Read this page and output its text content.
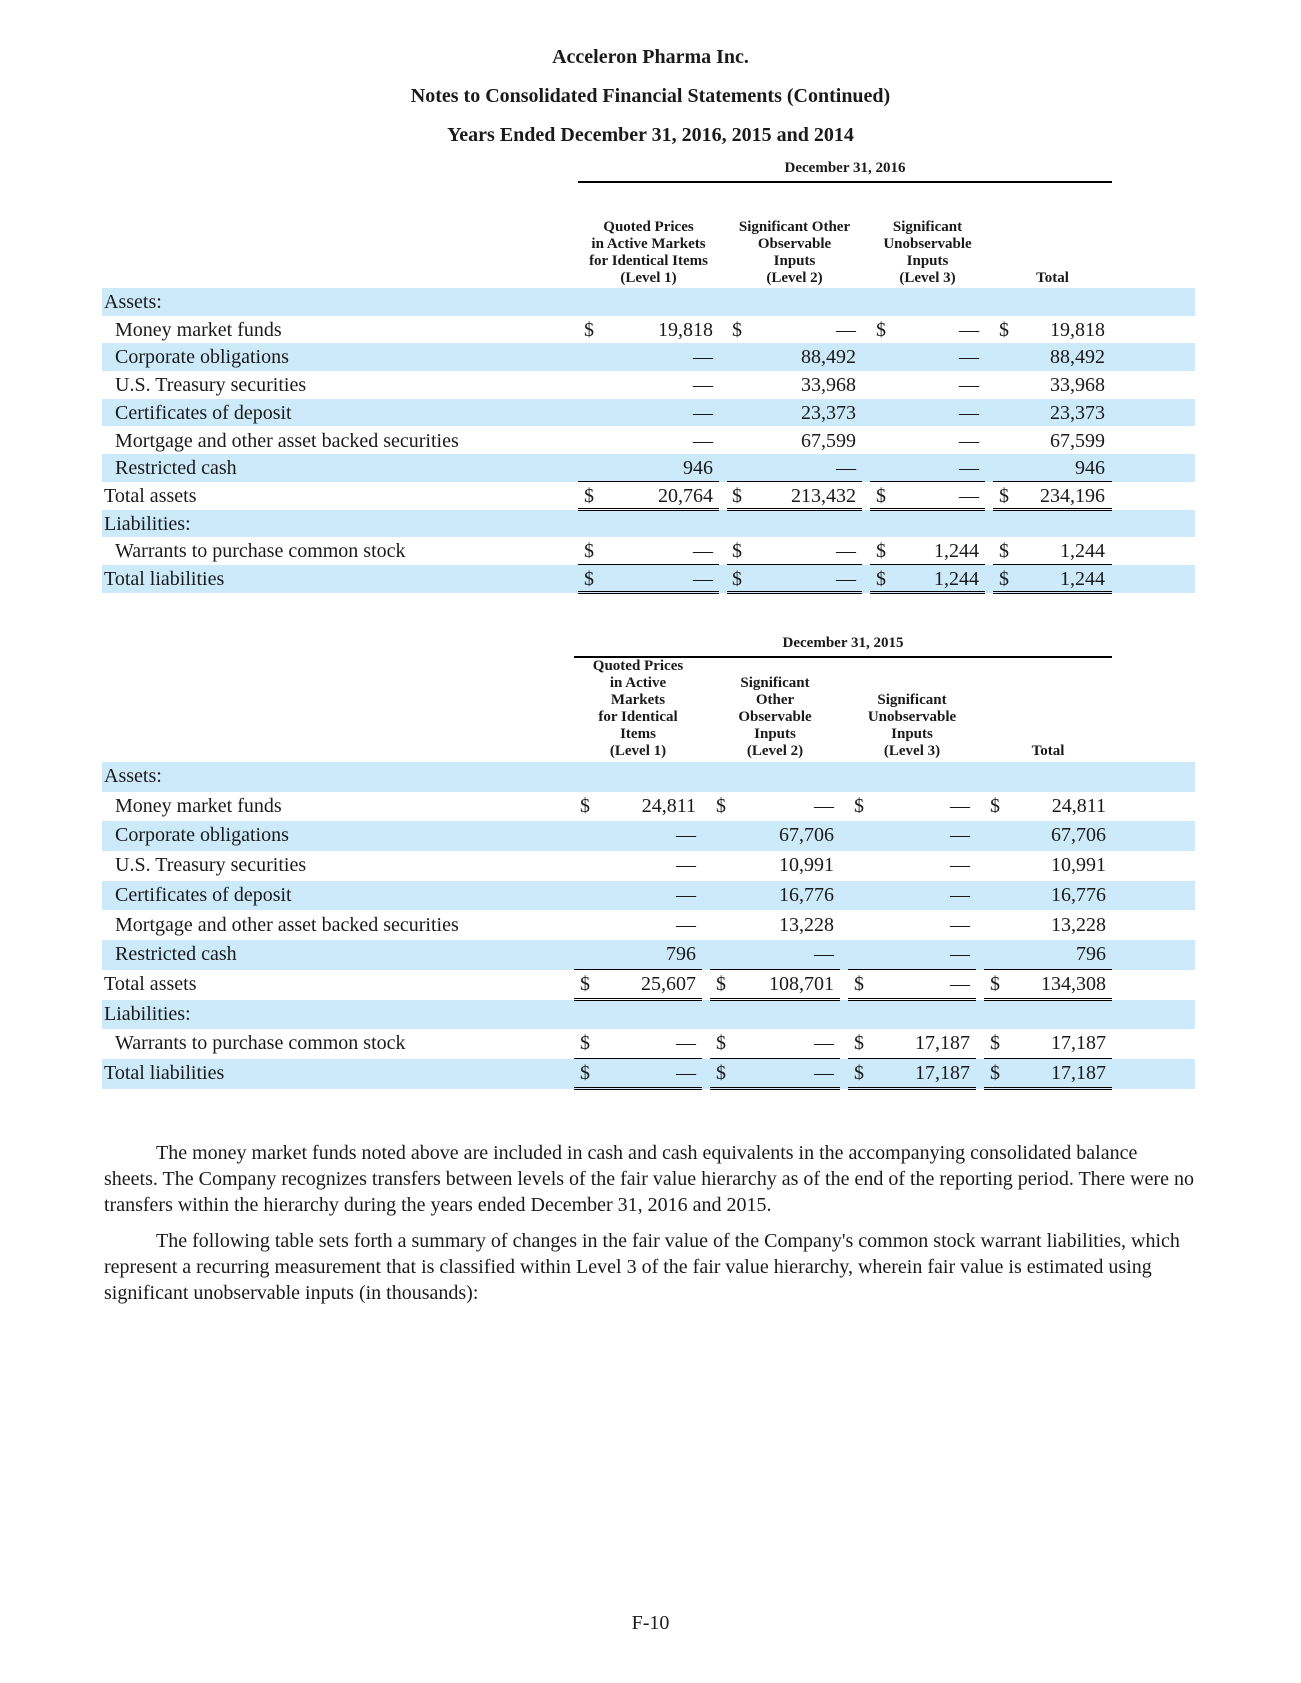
Acceleron Pharma Inc.
Notes to Consolidated Financial Statements (Continued)
Years Ended December 31, 2016, 2015 and 2014
December 31, 2016
Quoted Prices
in Active Markets
for Identical Items
(Level 1)
Significant Other
Observable
Inputs
(Level 2)
Significant
Unobservable
Inputs
(Level 3)	Total
Assets:
Money market funds	$	19,818 $	— $	— $ 19,818
Corporate obligations	—	88,492	—	88,492
U.S. Treasury securities	—	33,968	—	33,968
Certificates of deposit	—	23,373	—	23,373
Mortgage and other asset backed securities	—	67,599	—	67,599
Restricted cash	946	—	—	946
Total assets	$	20,764 $ 213,432 $	— $ 234,196
Liabilities:
Warrants to purchase common stock	$	— $	— $ 1,244 $	1,244
Total liabilities	$	— $	— $ 1,244 $	1,244
December 31, 2015
Quoted Prices
in Active
Markets
for Identical
Items
(Level 1)
Significant
Other
Observable
Inputs
(Level 2)
Significant
Unobservable
Inputs
(Level 3)	Total
Assets:
Money market funds	$	24,811 $	— $	— $	24,811
Corporate obligations	—	67,706	—	67,706
U.S. Treasury securities	—	10,991	—	10,991
Certificates of deposit	—	16,776	—	16,776
Mortgage and other asset backed securities	—	13,228	—	13,228
Restricted cash	796	—	—	796
Total assets	$	25,607 $ 108,701 $	— $ 134,308
Liabilities:
Warrants to purchase common stock	$	— $	— $	17,187 $	17,187
Total liabilities	$	— $	— $	17,187 $	17,187

The money market funds noted above are included in cash and cash equivalents in the accompanying consolidated balance sheets. The Company recognizes transfers between levels of the fair value hierarchy as of the end of the reporting period. There were no transfers within the hierarchy during the years ended December 31, 2016 and 2015.

The following table sets forth a summary of changes in the fair value of the Company's common stock warrant liabilities, which represent a recurring measurement that is classified within Level 3 of the fair value hierarchy, wherein fair value is estimated using significant unobservable inputs (in thousands):

F-10
